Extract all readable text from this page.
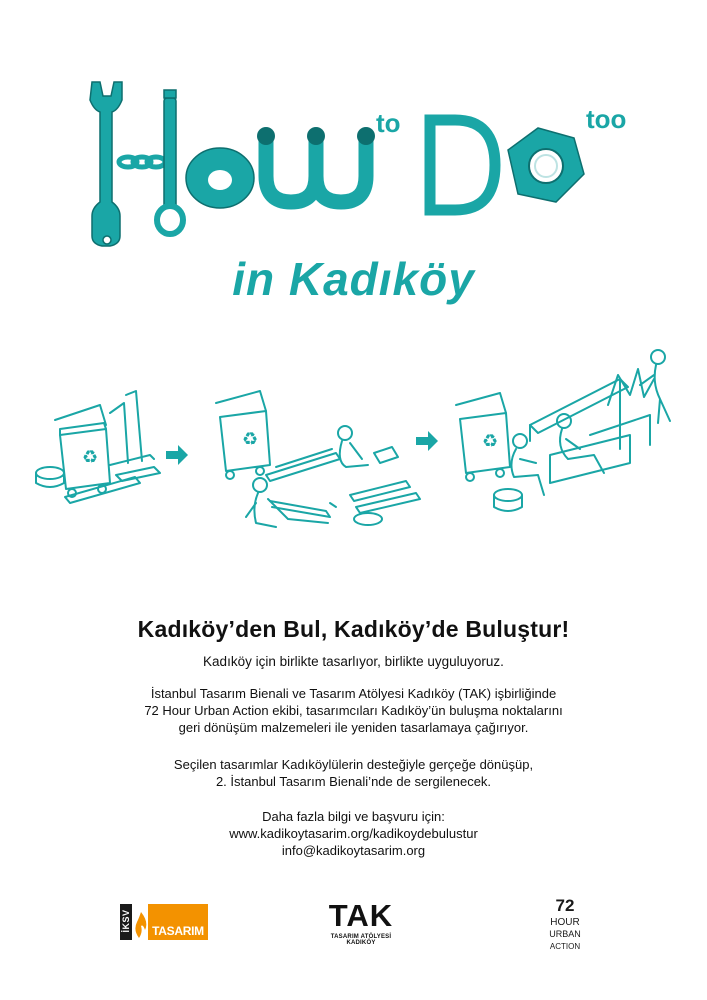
to	too
in Kadıköy
♻
♻	♻
Kadıköy’den Bul, Kadıköy’de Buluştur!
Kadıköy için birlikte tasarlıyor, birlikte uyguluyoruz.
İstanbul Tasarım Bienali ve Tasarım Atölyesi Kadıköy (TAK) işbirliğinde
72 Hour Urban Action ekibi, tasarımcıları Kadıköy’ün buluşma noktalarını
geri dönüşüm malzemeleri ile yeniden tasarlamaya çağırıyor.
Seçilen tasarımlar Kadıköylülerin desteğiyle gerçeğe dönüşüp,
2. İstanbul Tasarım Bienali’nde de sergilenecek.
Daha fazla bilgi ve başvuru için:
www.kadikoytasarim.org/kadikoydebulustur
info@kadikoytasarim.org
İKSV	TASARIM	TAK
TASARIM ATÖLYESİ KADIKÖY
72
HOUR
URBAN
ACTION
